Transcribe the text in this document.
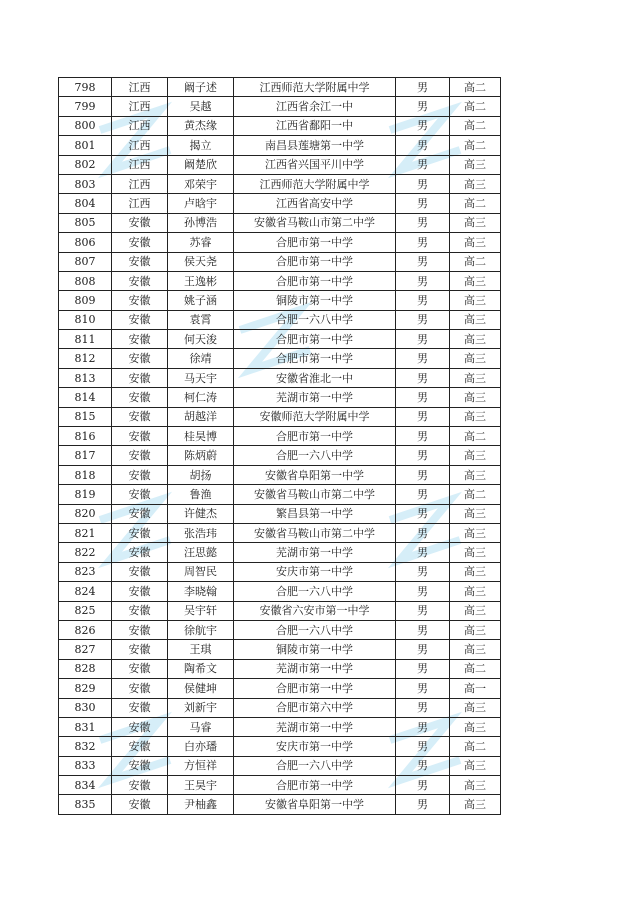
798	江西	阚子述	江西师范大学附属中学	男	高二
799	江西	吴越	江西省余江一中	男	高二
800	江西	黄杰缘	江西省鄱阳一中	男	高二
801	江西	揭立	南昌县莲塘第一中学	男	高二
802	江西	阚楚欣	江西省兴国平川中学	男	高三
803	江西	邓荣宇	江西师范大学附属中学	男	高三
804	江西	卢晗宇	江西省高安中学	男	高二
805	安徽	孙博浩	安徽省马鞍山市第二中学	男	高三
806	安徽	苏睿	合肥市第一中学	男	高三
807	安徽	侯天尧	合肥市第一中学	男	高二
808	安徽	王逸彬	合肥市第一中学	男	高三
809	安徽	姚子涵	铜陵市第一中学	男	高三
810	安徽	袁霄	合肥一六八中学	男	高三
811	安徽	何天浚	合肥市第一中学	男	高三
812	安徽	徐靖	合肥市第一中学	男	高三
813	安徽	马天宇	安徽省淮北一中	男	高三
814	安徽	柯仁涛	芜湖市第一中学	男	高三
815	安徽	胡越洋	安徽师范大学附属中学	男	高三
816	安徽	桂昊博	合肥市第一中学	男	高二
817	安徽	陈炳蔚	合肥一六八中学	男	高三
818	安徽	胡扬	安徽省阜阳第一中学	男	高三
819	安徽	鲁渔	安徽省马鞍山市第二中学	男	高二
820	安徽	许健杰	繁昌县第一中学	男	高三
821	安徽	张浩玮	安徽省马鞍山市第二中学	男	高三
822	安徽	汪思懿	芜湖市第一中学	男	高三
823	安徽	周智民	安庆市第一中学	男	高三
824	安徽	李晓翰	合肥一六八中学	男	高三
825	安徽	吴宇轩	安徽省六安市第一中学	男	高三
826	安徽	徐航宇	合肥一六八中学	男	高三
827	安徽	王琪	铜陵市第一中学	男	高三
828	安徽	陶希文	芜湖市第一中学	男	高二
829	安徽	侯健坤	合肥市第一中学	男	高一
830	安徽	刘新宇	合肥市第六中学	男	高三
831	安徽	马睿	芜湖市第一中学	男	高三
832	安徽	白亦璠	安庆市第一中学	男	高二
833	安徽	方恒祥	合肥一六八中学	男	高三
834	安徽	王昊宇	合肥市第一中学	男	高三
835	安徽	尹柚鑫	安徽省阜阳第一中学	男	高三
